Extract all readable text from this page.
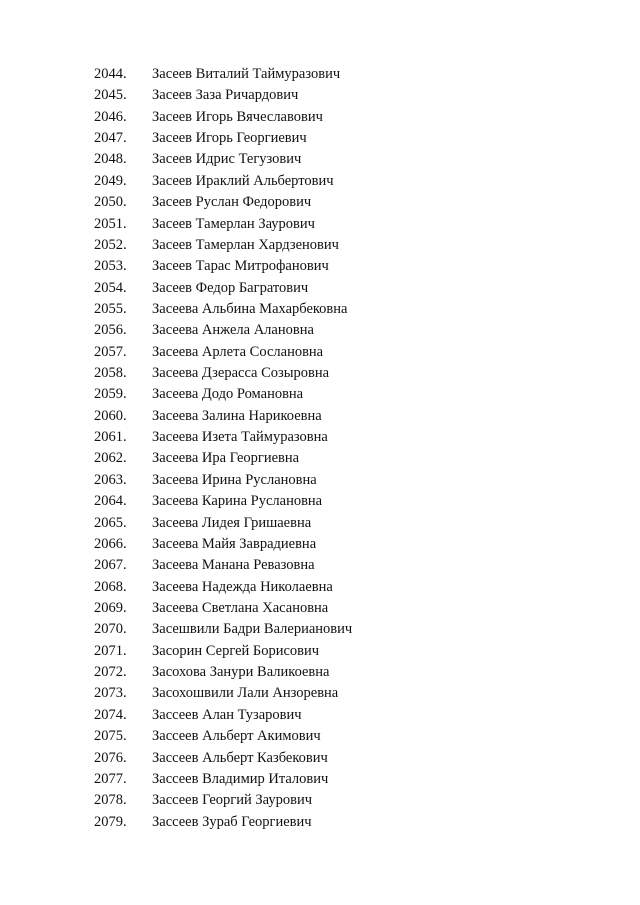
2044.	Засеев Виталий Таймуразович
2045.	Засеев Заза Ричардович
2046.	Засеев Игорь Вячеславович
2047.	Засеев Игорь Георгиевич
2048.	Засеев Идрис Тегузович
2049.	Засеев Ираклий Альбертович
2050.	Засеев Руслан Федорович
2051.	Засеев Тамерлан Заурович
2052.	Засеев Тамерлан Хардзенович
2053.	Засеев Тарас Митрофанович
2054.	Засеев Федор Багратович
2055.	Засеева Альбина Махарбековна
2056.	Засеева Анжела Алановна
2057.	Засеева Арлета Сослановна
2058.	Засеева Дзерасса Созыровна
2059.	Засеева Додо Романовна
2060.	Засеева Залина Нарикоевна
2061.	Засеева Изета Таймуразовна
2062.	Засеева Ира Георгиевна
2063.	Засеева Ирина Руслановна
2064.	Засеева Карина Руслановна
2065.	Засеева Лидея Гришаевна
2066.	Засеева Майя Заврадиевна
2067.	Засеева Манана Ревазовна
2068.	Засеева Надежда Николаевна
2069.	Засеева Светлана Хасановна
2070.	Засешвили Бадри Валерианович
2071.	Засорин Сергей Борисович
2072.	Засохова Занури Валикоевна
2073.	Засохошвили Лали Анзоревна
2074.	Зассеев Алан Тузарович
2075.	Зассеев Альберт Акимович
2076.	Зассеев Альберт Казбекович
2077.	Зассеев Владимир Италович
2078.	Зассеев Георгий Заурович
2079.	Зассеев Зураб Георгиевич
